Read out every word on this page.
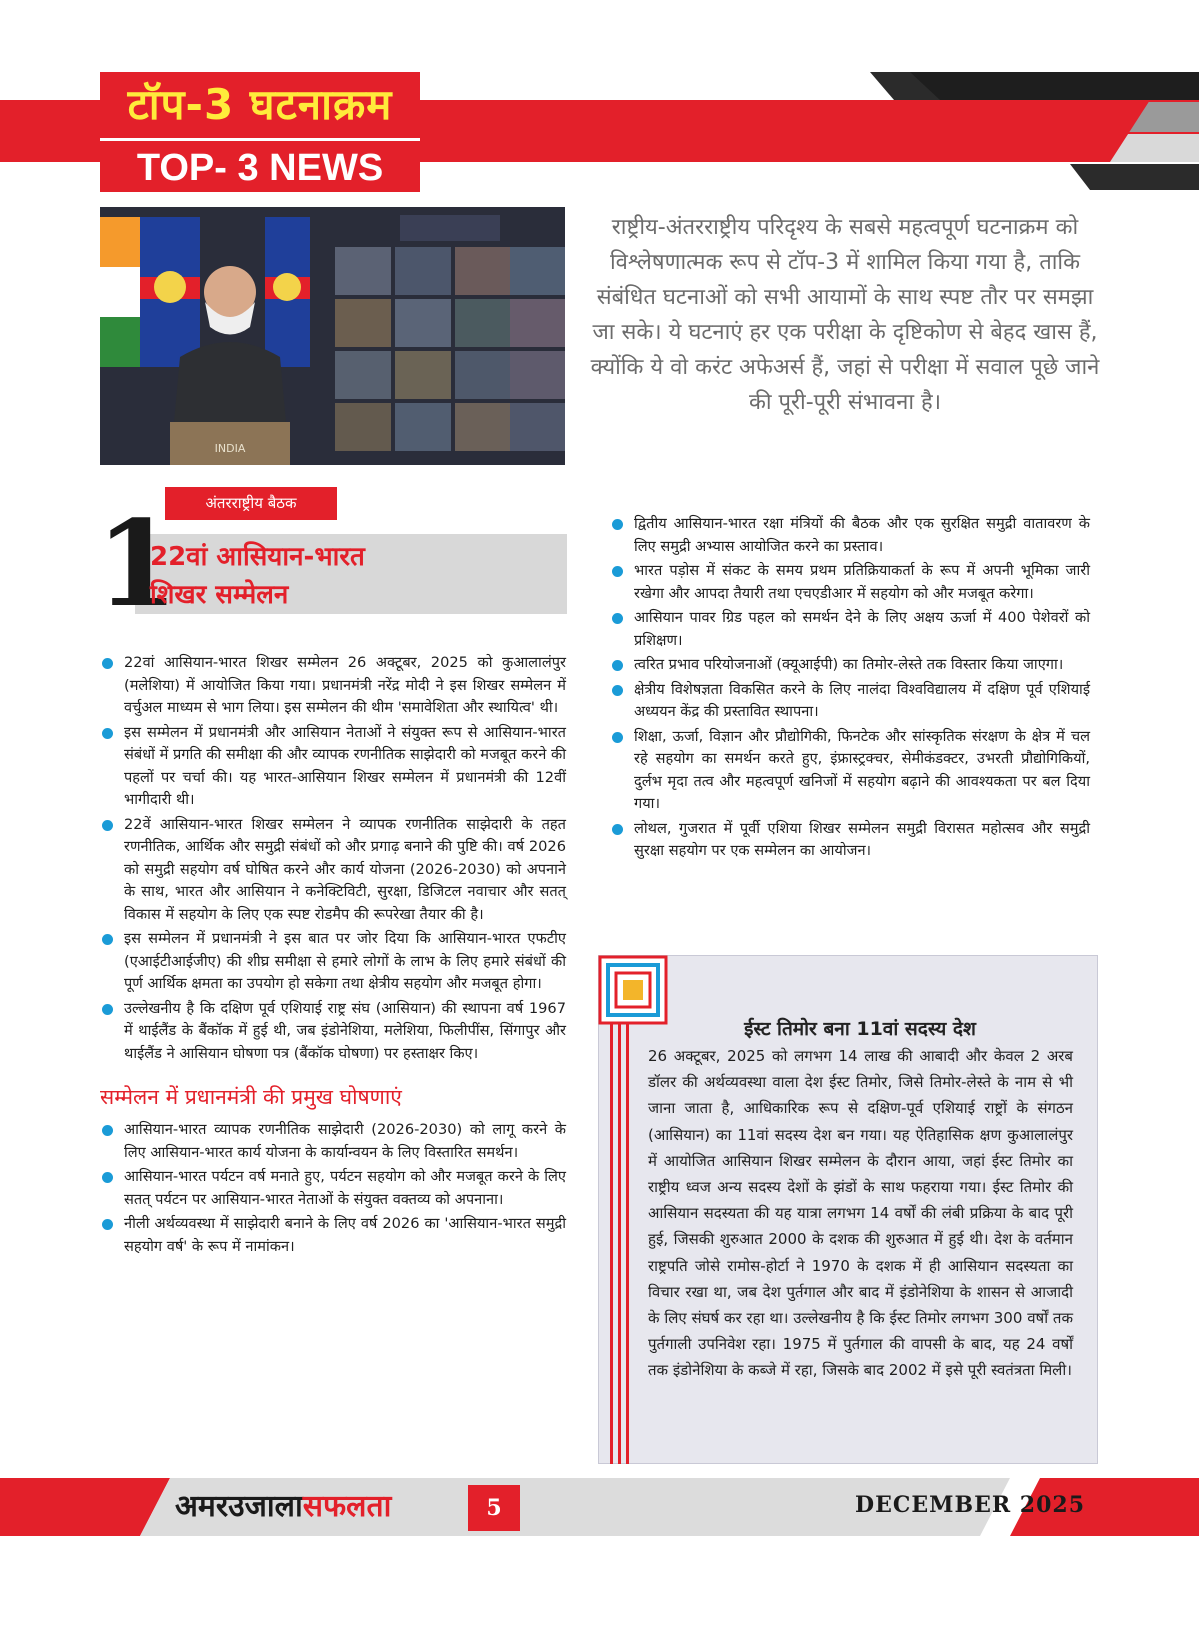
टॉप-3 घटनाक्रम
TOP- 3 NEWS
INDIA
राष्ट्रीय-अंतरराष्ट्रीय परिदृश्य के सबसे महत्वपूर्ण घटनाक्रम को विश्लेषणात्मक रूप से टॉप-3 में शामिल किया गया है, ताकि संबंधित घटनाओं को सभी आयामों के साथ स्पष्ट तौर पर समझा जा सके। ये घटनाएं हर एक परीक्षा के दृष्टिकोण से बेहद खास हैं, क्योंकि ये वो करंट अफेअर्स हैं, जहां से परीक्षा में सवाल पूछे जाने की पूरी-पूरी संभावना है।
अंतरराष्ट्रीय बैठक
1
22वां आसियान-भारत
शिखर सम्मेलन
22वां आसियान-भारत शिखर सम्मेलन 26 अक्टूबर, 2025 को कुआलालंपुर (मलेशिया) में आयोजित किया गया। प्रधानमंत्री नरेंद्र मोदी ने इस शिखर सम्मेलन में वर्चुअल माध्यम से भाग लिया। इस सम्मेलन की थीम 'समावेशिता और स्थायित्व' थी।
इस सम्मेलन में प्रधानमंत्री और आसियान नेताओं ने संयुक्त रूप से आसियान-भारत संबंधों में प्रगति की समीक्षा की और व्यापक रणनीतिक साझेदारी को मजबूत करने की पहलों पर चर्चा की। यह भारत-आसियान शिखर सम्मेलन में प्रधानमंत्री की 12वीं भागीदारी थी।
22वें आसियान-भारत शिखर सम्मेलन ने व्यापक रणनीतिक साझेदारी के तहत रणनीतिक, आर्थिक और समुद्री संबंधों को और प्रगाढ़ बनाने की पुष्टि की। वर्ष 2026 को समुद्री सहयोग वर्ष घोषित करने और कार्य योजना (2026-2030) को अपनाने के साथ, भारत और आसियान ने कनेक्टिविटी, सुरक्षा, डिजिटल नवाचार और सतत् विकास में सहयोग के लिए एक स्पष्ट रोडमैप की रूपरेखा तैयार की है।
इस सम्मेलन में प्रधानमंत्री ने इस बात पर जोर दिया कि आसियान-भारत एफटीए (एआईटीआईजीए) की शीघ्र समीक्षा से हमारे लोगों के लाभ के लिए हमारे संबंधों की पूर्ण आर्थिक क्षमता का उपयोग हो सकेगा तथा क्षेत्रीय सहयोग और मजबूत होगा।
उल्लेखनीय है कि दक्षिण पूर्व एशियाई राष्ट्र संघ (आसियान) की स्थापना वर्ष 1967 में थाईलैंड के बैंकॉक में हुई थी, जब इंडोनेशिया, मलेशिया, फिलीपींस, सिंगापुर और थाईलैंड ने आसियान घोषणा पत्र (बैंकॉक घोषणा) पर हस्ताक्षर किए।
सम्मेलन में प्रधानमंत्री की प्रमुख घोषणाएं
आसियान-भारत व्यापक रणनीतिक साझेदारी (2026-2030) को लागू करने के लिए आसियान-भारत कार्य योजना के कार्यान्वयन के लिए विस्तारित समर्थन।
आसियान-भारत पर्यटन वर्ष मनाते हुए, पर्यटन सहयोग को और मजबूत करने के लिए सतत् पर्यटन पर आसियान-भारत नेताओं के संयुक्त वक्तव्य को अपनाना।
नीली अर्थव्यवस्था में साझेदारी बनाने के लिए वर्ष 2026 का 'आसियान-भारत समुद्री सहयोग वर्ष' के रूप में नामांकन।
द्वितीय आसियान-भारत रक्षा मंत्रियों की बैठक और एक सुरक्षित समुद्री वातावरण के लिए समुद्री अभ्यास आयोजित करने का प्रस्ताव।
भारत पड़ोस में संकट के समय प्रथम प्रतिक्रियाकर्ता के रूप में अपनी भूमिका जारी रखेगा और आपदा तैयारी तथा एचएडीआर में सहयोग को और मजबूत करेगा।
आसियान पावर ग्रिड पहल को समर्थन देने के लिए अक्षय ऊर्जा में 400 पेशेवरों को प्रशिक्षण।
त्वरित प्रभाव परियोजनाओं (क्यूआईपी) का तिमोर-लेस्ते तक विस्तार किया जाएगा।
क्षेत्रीय विशेषज्ञता विकसित करने के लिए नालंदा विश्वविद्यालय में दक्षिण पूर्व एशियाई अध्ययन केंद्र की प्रस्तावित स्थापना।
शिक्षा, ऊर्जा, विज्ञान और प्रौद्योगिकी, फिनटेक और सांस्कृतिक संरक्षण के क्षेत्र में चल रहे सहयोग का समर्थन करते हुए, इंफ्रास्ट्रक्चर, सेमीकंडक्टर, उभरती प्रौद्योगिकियों, दुर्लभ मृदा तत्व और महत्वपूर्ण खनिजों में सहयोग बढ़ाने की आवश्यकता पर बल दिया गया।
लोथल, गुजरात में पूर्वी एशिया शिखर सम्मेलन समुद्री विरासत महोत्सव और समुद्री सुरक्षा सहयोग पर एक सम्मेलन का आयोजन।
ईस्ट तिमोर बना 11वां सदस्य देश
26 अक्टूबर, 2025 को लगभग 14 लाख की आबादी और केवल 2 अरब डॉलर की अर्थव्यवस्था वाला देश ईस्ट तिमोर, जिसे तिमोर-लेस्ते के नाम से भी जाना जाता है, आधिकारिक रूप से दक्षिण-पूर्व एशियाई राष्ट्रों के संगठन (आसियान) का 11वां सदस्य देश बन गया। यह ऐतिहासिक क्षण कुआलालंपुर में आयोजित आसियान शिखर सम्मेलन के दौरान आया, जहां ईस्ट तिमोर का राष्ट्रीय ध्वज अन्य सदस्य देशों के झंडों के साथ फहराया गया। ईस्ट तिमोर की आसियान सदस्यता की यह यात्रा लगभग 14 वर्षों की लंबी प्रक्रिया के बाद पूरी हुई, जिसकी शुरुआत 2000 के दशक की शुरुआत में हुई थी। देश के वर्तमान राष्ट्रपति जोसे रामोस-होर्टा ने 1970 के दशक में ही आसियान सदस्यता का विचार रखा था, जब देश पुर्तगाल और बाद में इंडोनेशिया के शासन से आजादी के लिए संघर्ष कर रहा था। उल्लेखनीय है कि ईस्ट तिमोर लगभग 300 वर्षों तक पुर्तगाली उपनिवेश रहा। 1975 में पुर्तगाल की वापसी के बाद, यह 24 वर्षों तक इंडोनेशिया के कब्जे में रहा, जिसके बाद 2002 में इसे पूरी स्वतंत्रता मिली।
अमरउजालासफलता	5	DECEMBER 2025
